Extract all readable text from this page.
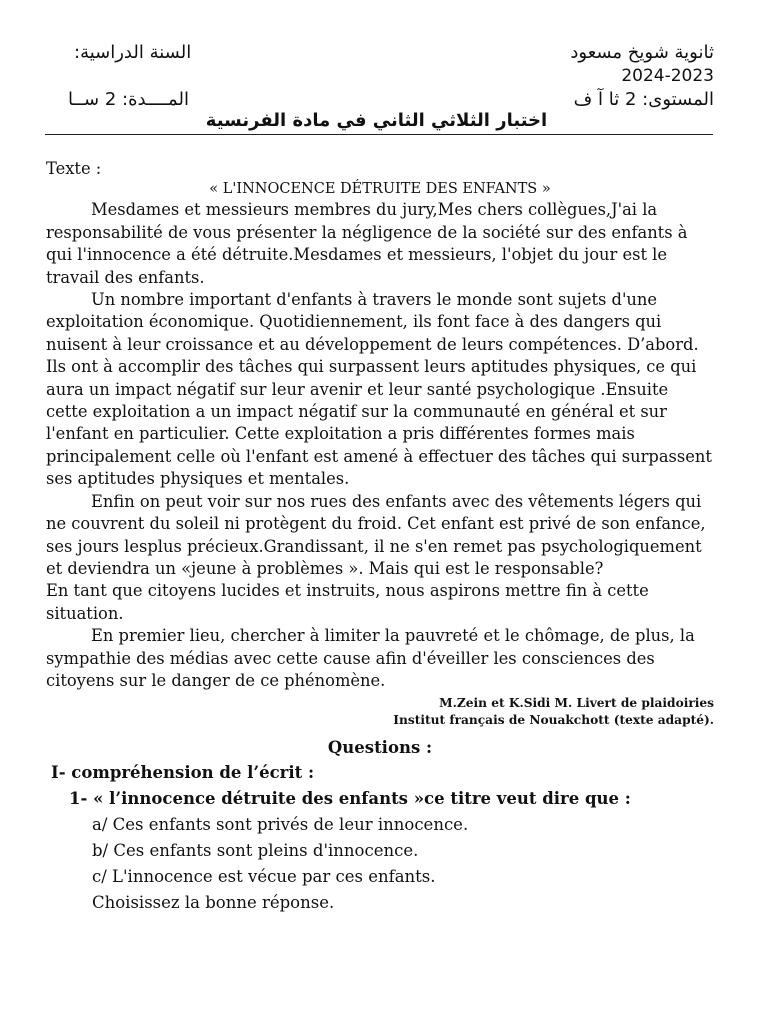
ثانوية شويخ مسعود
السنة الدراسية:
2024-2023
المستوى: 2 ثا آ ف
المــــدة: 2 ســا
اختبار الثلاثي الثاني في مادة الفرنسية

Texte :

« L'INNOCENCE DÉTRUITE DES ENFANTS »

Mesdames et messieurs membres du jury,Mes chers collègues,J'ai la responsabilité de vous présenter la négligence de la société sur des enfants à qui l'innocence a été détruite.Mesdames et messieurs, l'objet du jour est le travail des enfants.

Un nombre important d'enfants à travers le monde sont sujets d'une exploitation économique. Quotidiennement, ils font face à des dangers qui nuisent à leur croissance et au développement de leurs compétences. D’abord. Ils ont à accomplir des tâches qui surpassent leurs aptitudes physiques, ce qui aura un impact négatif sur leur avenir et leur santé psychologique .Ensuite cette exploitation a un impact négatif sur la communauté en général et sur l'enfant en particulier. Cette exploitation a pris différentes formes mais principalement celle où l'enfant est amené à effectuer des tâches qui surpassent ses aptitudes physiques et mentales.

Enfin on peut voir sur nos rues des enfants avec des vêtements légers qui ne couvrent du soleil ni protègent du froid. Cet enfant est privé de son enfance, ses jours lesplus précieux.Grandissant, il ne s'en remet pas psychologiquement et deviendra un «jeune à problèmes ». Mais qui est le responsable?

En tant que citoyens lucides et instruits, nous aspirons mettre fin à cette situation.

En premier lieu, chercher à limiter la pauvreté et le chômage, de plus, la sympathie des médias avec cette cause afin d'éveiller les consciences des citoyens sur le danger de ce phénomène.

M.Zein et K.Sidi M. Livert de plaidoiries
Institut français de Nouakchott (texte adapté).
Questions :
I- compréhension de l’écrit :
1- « l’innocence détruite des enfants »ce titre veut dire que :
a/ Ces enfants sont privés de leur innocence.
b/ Ces enfants sont pleins d'innocence.
c/ L'innocence est vécue par ces enfants.
Choisissez la bonne réponse.
